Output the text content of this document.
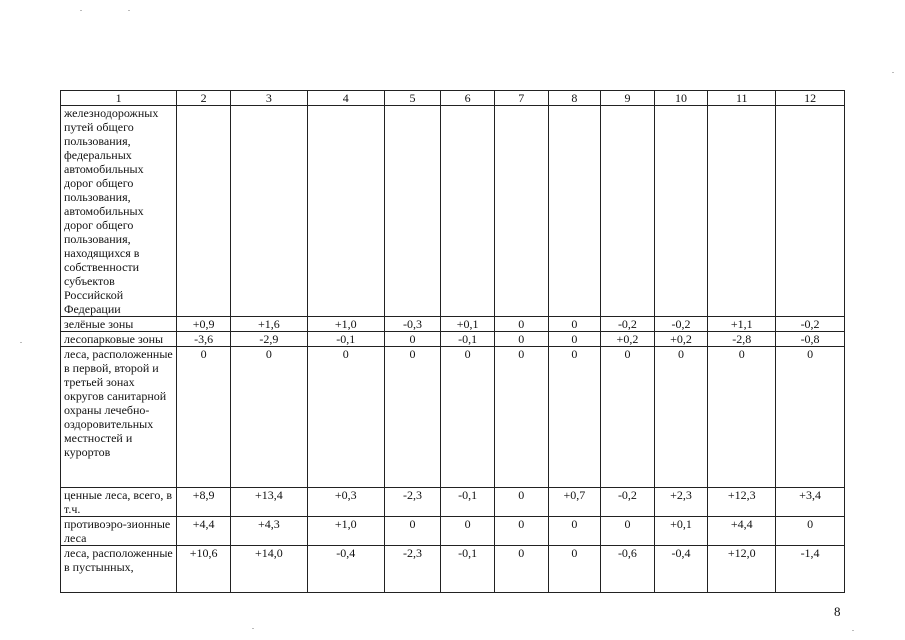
1	2	3	4	5	6	7	8	9	10	11	12
железнодорожных путей общего пользования, федеральных автомобильных дорог общего пользования, автомобильных дорог общего пользования, находящихся в собственности субъектов Российской Федерации											
зелёные зоны	+0,9	+1,6	+1,0	-0,3	+0,1	0	0	-0,2	-0,2	+1,1	-0,2
лесопарковые зоны	-3,6	-2,9	-0,1	0	-0,1	0	0	+0,2	+0,2	-2,8	-0,8
леса, расположенные в первой, второй и третьей зонах округов санитарной охраны лечебно-оздоровительных местностей и курортов	0	0	0	0	0	0	0	0	0	0	0
ценные леса, всего, в т.ч.	+8,9	+13,4	+0,3	-2,3	-0,1	0	+0,7	-0,2	+2,3	+12,3	+3,4
противоэро-зионные леса	+4,4	+4,3	+1,0	0	0	0	0	0	+0,1	+4,4	0
леса, расположенные в пустынных,	+10,6	+14,0	-0,4	-2,3	-0,1	0	0	-0,6	-0,4	+12,0	-1,4
8
